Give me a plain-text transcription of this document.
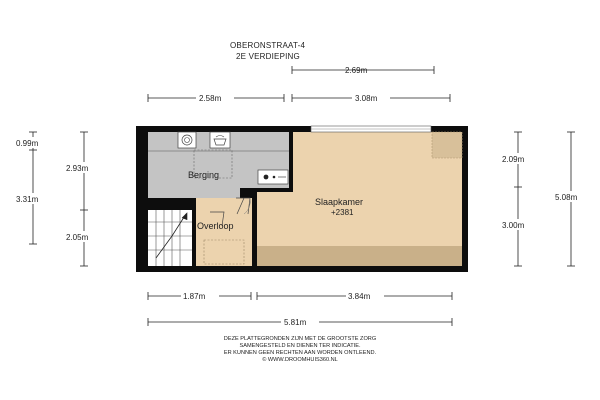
OBERONSTRAAT-4
2E VERDIEPING
2.69m
2.58m	3.08m
0.99m
3.31m
2.93m
2.05m
2.09m
3.00m
5.08m
Berging
Slaapkamer
+2381
Overloop
1.87m	3.84m
5.81m
DEZE PLATTEGRONDEN ZIJN MET DE GROOTSTE ZORG
SAMENGESTELD EN DIENEN TER INDICATIE.
ER KUNNEN GEEN RECHTEN AAN WORDEN ONTLEEND.
© WWW.DROOMHUIS360.NL
